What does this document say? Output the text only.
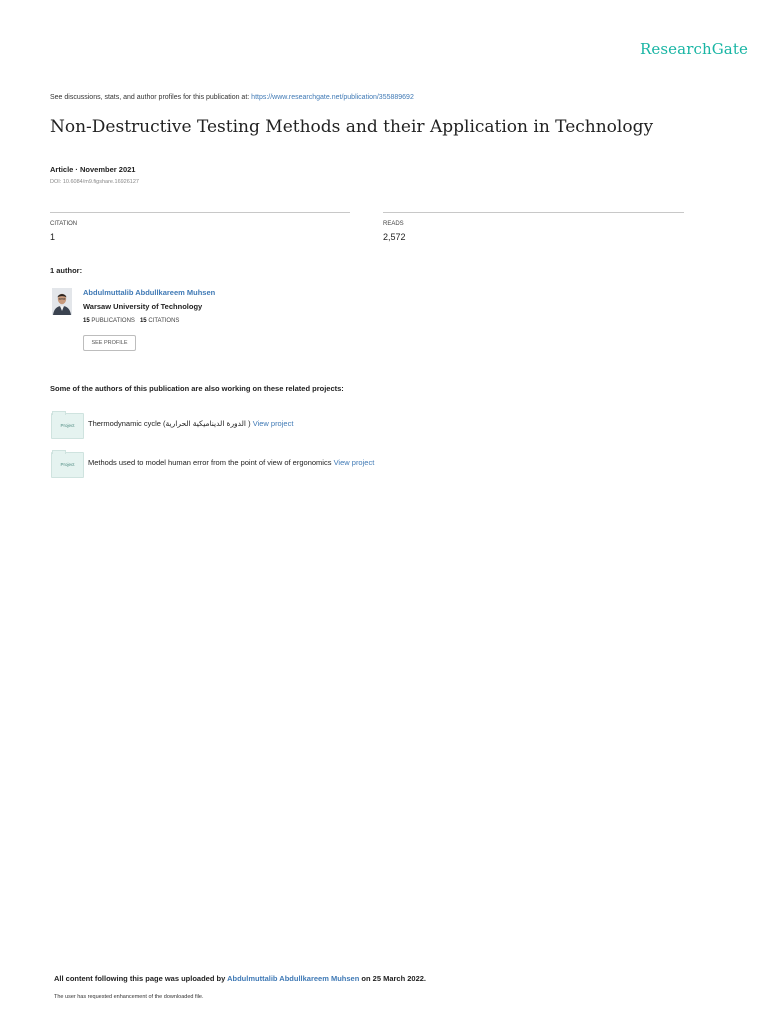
ResearchGate
See discussions, stats, and author profiles for this publication at: https://www.researchgate.net/publication/355889692
Non-Destructive Testing Methods and their Application in Technology
Article · November 2021
DOI: 10.6084/m9.figshare.16926127
CITATION
1
READS
2,572
1 author:
Abdulmuttalib Abdullkareem Muhsen
Warsaw University of Technology
15 PUBLICATIONS 15 CITATIONS
SEE PROFILE
Some of the authors of this publication are also working on these related projects:
Project	Thermodynamic cycle (الدورة الديناميكية الحرارية ) View project
Project	Methods used to model human error from the point of view of ergonomics View project
All content following this page was uploaded by Abdulmuttalib Abdullkareem Muhsen on 25 March 2022.
The user has requested enhancement of the downloaded file.
